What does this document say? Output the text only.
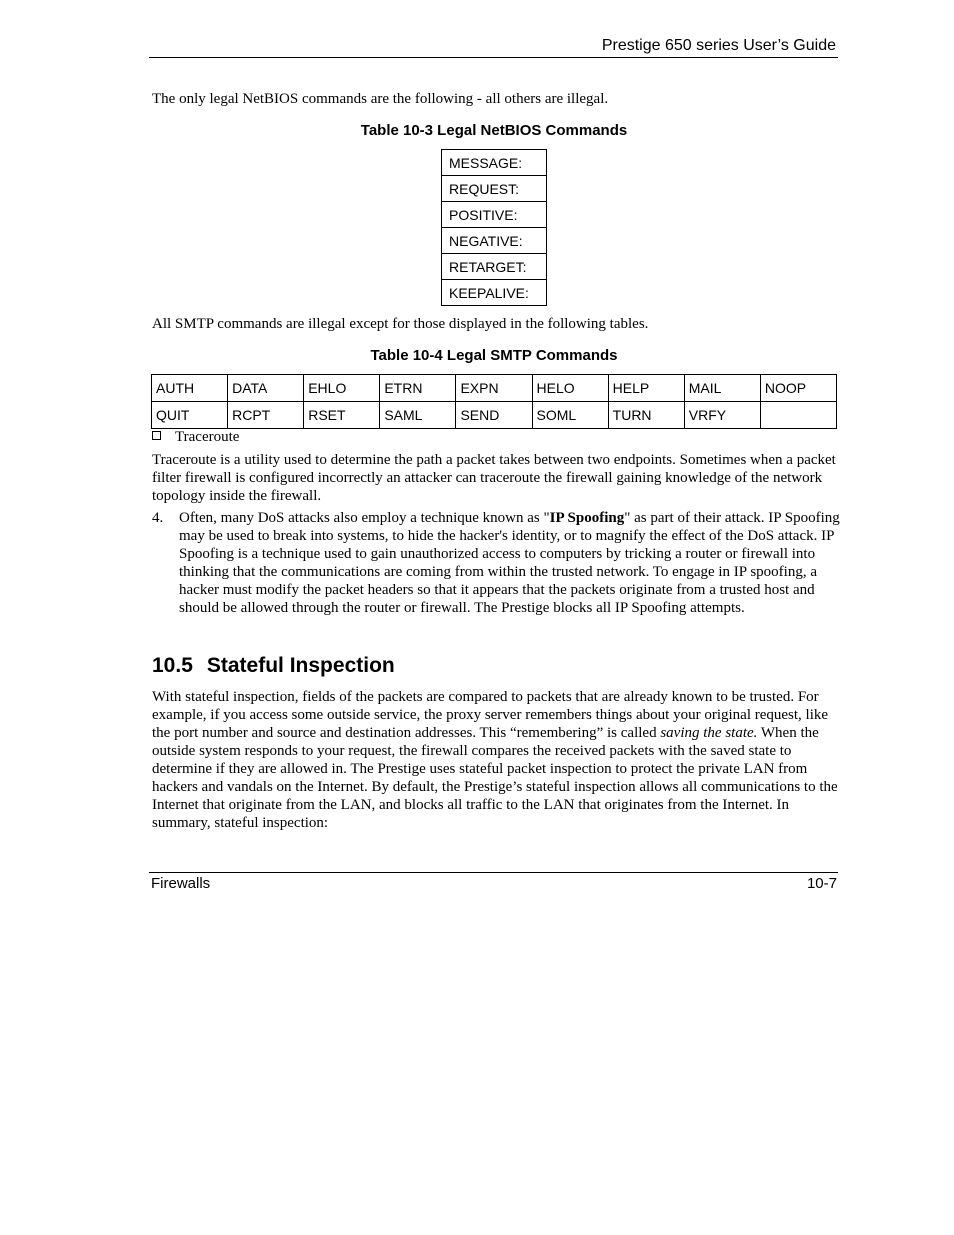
Prestige 650 series User’s Guide
The only legal NetBIOS commands are the following - all others are illegal.
Table 10-3 Legal NetBIOS Commands
MESSAGE:
REQUEST:
POSITIVE:
NEGATIVE:
RETARGET:
KEEPALIVE:
All SMTP commands are illegal except for those displayed in the following tables.
Table 10-4 Legal SMTP Commands
AUTH	DATA	EHLO	ETRN	EXPN	HELO	HELP	MAIL	NOOP
QUIT	RCPT	RSET	SAML	SEND	SOML	TURN	VRFY	
Traceroute
Traceroute is a utility used to determine the path a packet takes between two endpoints. Sometimes when a packet filter firewall is configured incorrectly an attacker can traceroute the firewall gaining knowledge of the network topology inside the firewall.
4. Often, many DoS attacks also employ a technique known as "IP Spoofing" as part of their attack. IP Spoofing may be used to break into systems, to hide the hacker's identity, or to magnify the effect of the DoS attack. IP Spoofing is a technique used to gain unauthorized access to computers by tricking a router or firewall into thinking that the communications are coming from within the trusted network. To engage in IP spoofing, a hacker must modify the packet headers so that it appears that the packets originate from a trusted host and should be allowed through the router or firewall. The Prestige blocks all IP Spoofing attempts.
10.5 Stateful Inspection
With stateful inspection, fields of the packets are compared to packets that are already known to be trusted. For example, if you access some outside service, the proxy server remembers things about your original request, like the port number and source and destination addresses. This “remembering” is called saving the state. When the outside system responds to your request, the firewall compares the received packets with the saved state to determine if they are allowed in. The Prestige uses stateful packet inspection to protect the private LAN from hackers and vandals on the Internet. By default, the Prestige’s stateful inspection allows all communications to the Internet that originate from the LAN, and blocks all traffic to the LAN that originates from the Internet. In summary, stateful inspection:
Firewalls	10-7
